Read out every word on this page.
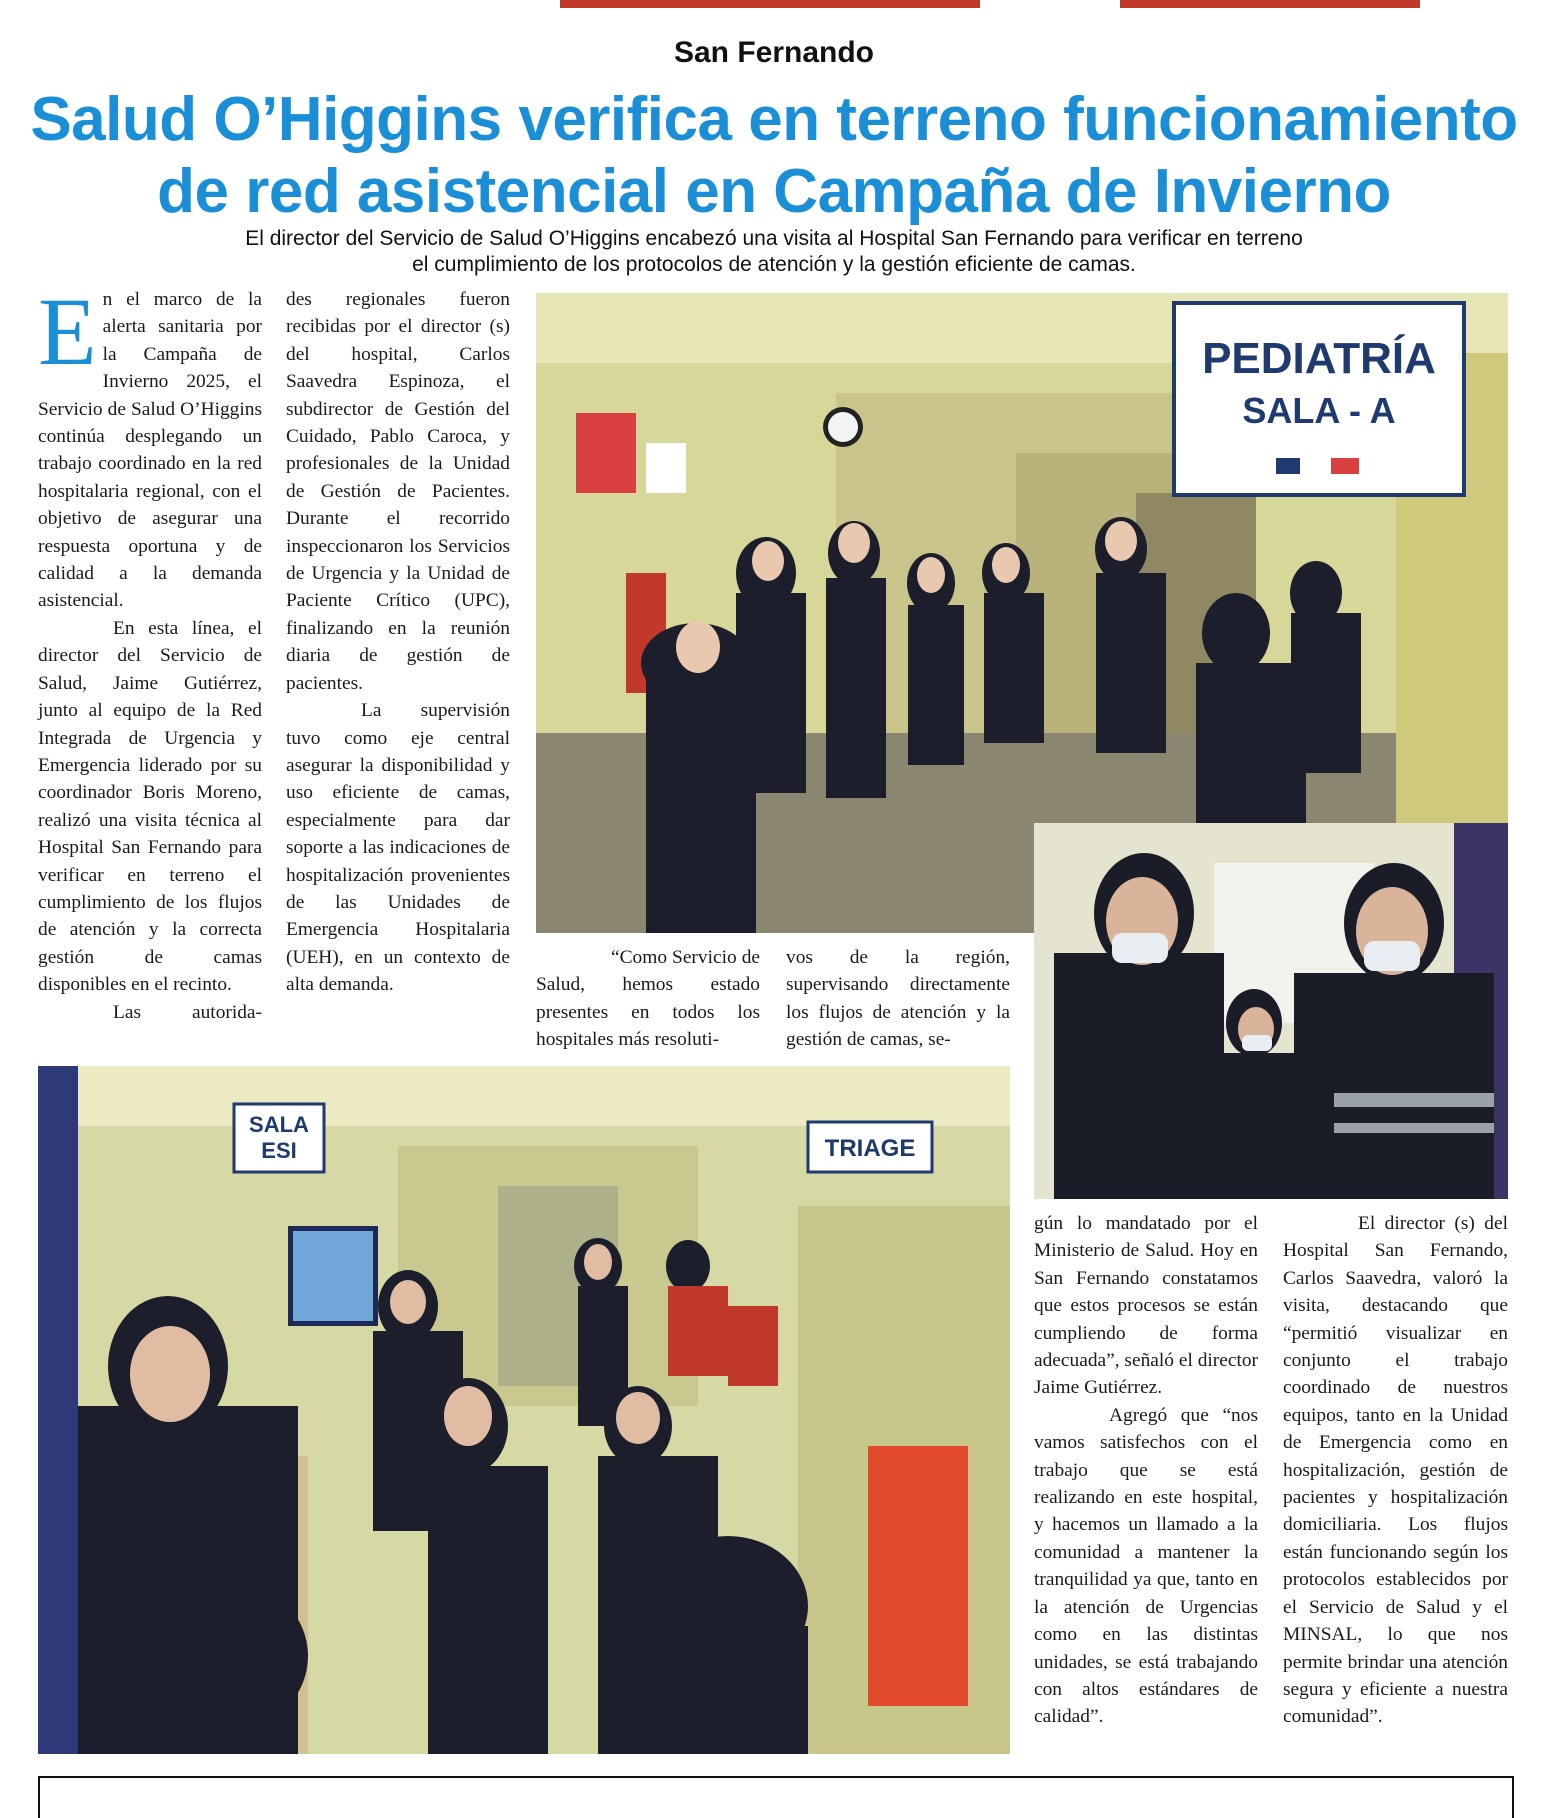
San Fernando
Salud O’Higgins verifica en terreno funcionamiento
de red asistencial en Campaña de Invierno

El director del Servicio de Salud O’Higgins encabezó una visita al Hospital San Fernando para verificar en terreno
el cumplimiento de los protocolos de atención y la gestión eficiente de camas.

En el marco de la alerta sanitaria por la Campaña de Invierno 2025, el Servicio de Salud O’Higgins continúa desplegando un trabajo coordinado en la red hospitalaria regional, con el objetivo de asegurar una respuesta oportuna y de calidad a la demanda asistencial.

En esta línea, el director del Servicio de Salud, Jaime Gutiérrez, junto al equipo de la Red Integrada de Urgencia y Emergencia liderado por su coordinador Boris Moreno, realizó una visita técnica al Hospital San Fernando para verificar en terreno el cumplimiento de los flujos de atención y la correcta gestión de camas disponibles en el recinto.

Las autorida-

des regionales fueron recibidas por el director (s) del hospital, Carlos Saavedra Espinoza, el subdirector de Gestión del Cuidado, Pablo Caroca, y profesionales de la Unidad de Gestión de Pacientes. Durante el recorrido inspeccionaron los Servicios de Urgencia y la Unidad de Paciente Crítico (UPC), finalizando en la reunión diaria de gestión de pacientes.

La supervisión tuvo como eje central asegurar la disponibilidad y uso eficiente de camas, especialmente para dar soporte a las indicaciones de hospitalización provenientes de las Unidades de Emergencia Hospitalaria (UEH), en un contexto de alta demanda.

“Como Servicio de Salud, hemos estado presentes en todos los hospitales más resoluti-

vos de la región, supervisando directamente los flujos de atención y la gestión de camas, se-

gún lo mandatado por el Ministerio de Salud. Hoy en San Fernando constatamos que estos procesos se están cumpliendo de forma adecuada”, señaló el director Jaime Gutiérrez.

Agregó que “nos vamos satisfechos con el trabajo que se está realizando en este hospital, y hacemos un llamado a la comunidad a mantener la tranquilidad ya que, tanto en la atención de Urgencias como en las distintas unidades, se está trabajando con altos estándares de calidad”.

El director (s) del Hospital San Fernando, Carlos Saavedra, valoró la visita, destacando que “permitió visualizar en conjunto el trabajo coordinado de nuestros equipos, tanto en la Unidad de Emergencia como en hospitalización, gestión de pacientes y hospitalización domiciliaria. Los flujos están funcionando según los protocolos establecidos por el Servicio de Salud y el MINSAL, lo que nos permite brindar una atención segura y eficiente a nuestra comunidad”.

PEDIATRÍA
SALA - A
SALA
ESI	TRIAGE
